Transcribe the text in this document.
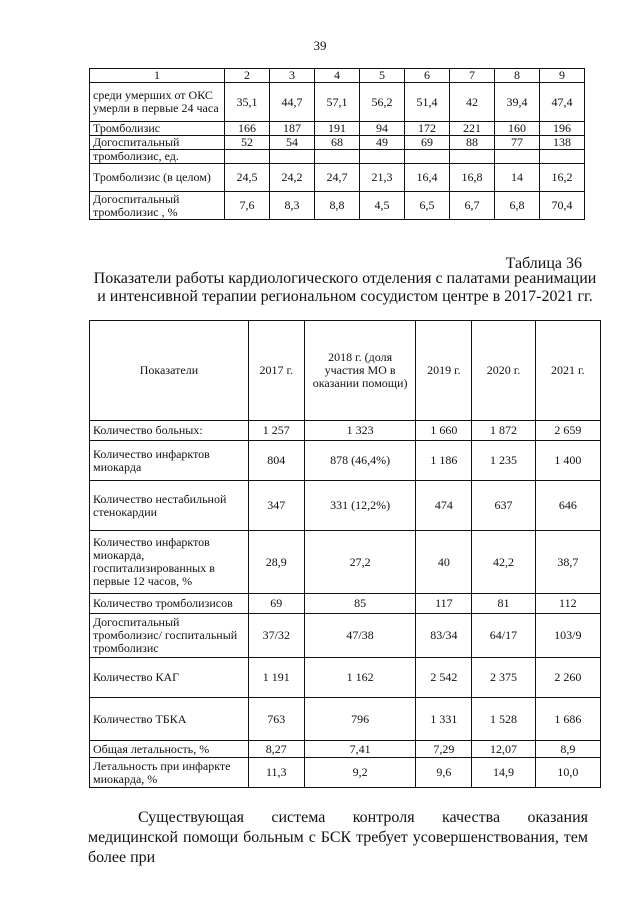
39
1	2	3	4	5	6	7	8	9
среди умерших от ОКС умерли в первые 24 часа	35,1	44,7	57,1	56,2	51,4	42	39,4	47,4
Тромболизис	166	187	191	94	172	221	160	196
Догоспитальный	52	54	68	49	69	88	77	138
тромболизис, ед.								
Тромболизис (в целом)	24,5	24,2	24,7	21,3	16,4	16,8	14	16,2
Догоспитальный тромболизис , %	7,6	8,3	8,8	4,5	6,5	6,7	6,8	70,4
Таблица 36
Показатели работы кардиологического отделения с палатами реанимации и интенсивной терапии региональном сосудистом центре в 2017-2021 гг.
Показатели	2017 г.	2018 г. (доля участия МО в оказании помощи)	2019 г.	2020 г.	2021 г.
Количество больных:	1 257	1 323	1 660	1 872	2 659
Количество инфарктов миокарда	804	878 (46,4%)	1 186	1 235	1 400
Количество нестабильной стенокардии	347	331 (12,2%)	474	637	646
Количество инфарктов миокарда, госпитализированных в первые 12 часов, %	28,9	27,2	40	42,2	38,7
Количество тромболизисов	69	85	117	81	112
Догоспитальный тромболизис/ госпитальный тромболизис	37/32	47/38	83/34	64/17	103/9
Количество КАГ	1 191	1 162	2 542	2 375	2 260
Количество ТБКА	763	796	1 331	1 528	1 686
Общая летальность, %	8,27	7,41	7,29	12,07	8,9
Летальность при инфаркте миокарда, %	11,3	9,2	9,6	14,9	10,0
Существующая система контроля качества оказания медицинской помощи больным с БСК требует усовершенствования, тем более при
